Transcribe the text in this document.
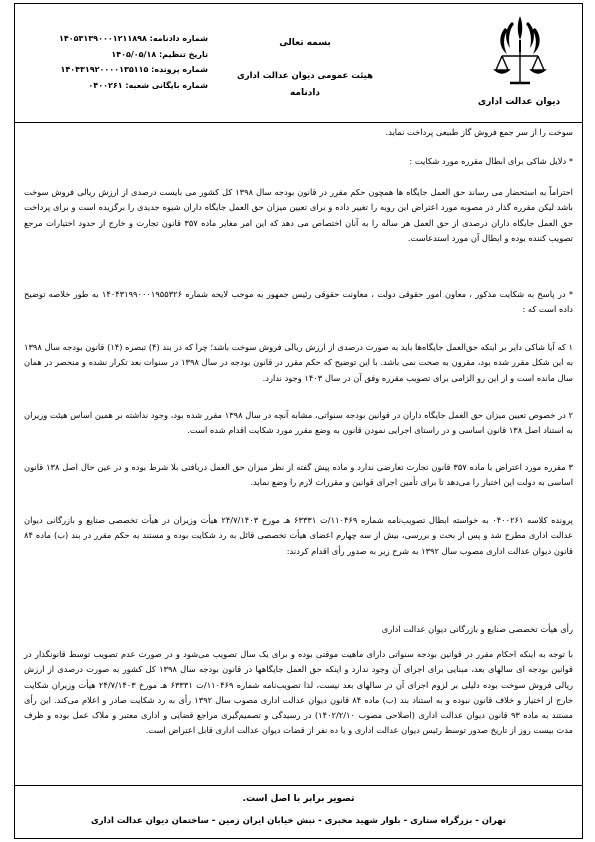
دیوان عدالت اداری
بسمه تعالی
هیئت عمومی دیوان عدالت اداری
دادنامه
شماره دادنامه: ۱۴۰۵۳۱۳۹۰۰۰۱۲۱۱۸۹۸
تاریخ تنظیم: ۱۴۰۵/۰۵/۱۸
شماره پرونده: ۱۴۰۴۳۱۹۲۰۰۰۰۱۳۵۱۱۵
شماره بایگانی شعبه: ۰۴۰۰۲۶۱

سوخت را از سر جمع فروش گاز طبیعی پرداخت نماید.

* دلایل شاکی برای ابطال مقرره مورد شکایت :

احتراماً به استحضار می رساند حق العمل جایگاه ها همچون حکم مقرر در قانون بودجه سال ۱۳۹۸ کل کشور می بایست درصدی از ارزش ریالی فروش سوخت باشد لیکن مقرره گذار در مصوبه مورد اعتراض این رویه را تغییر داده و برای تعیین میزان حق العمل جایگاه داران شیوه جدیدی را برگزیده است و برای پرداخت حق العمل جایگاه داران درصدی از حق العمل هر ساله را به آنان اختصاص می دهد که این امر مغایر ماده ۳۵۷ قانون تجارت و خارج از حدود اختیارات مرجع تصویب کننده بوده و ابطال آن مورد استدعاست.

* در پاسخ به شکایت مذکور ، معاون امور حقوقی دولت ، معاونت حقوقی رئیس جمهور به موجب لایحه شماره ۱۴۰۴۳۱۹۹۰۰۰۱۹۵۵۳۲۶ به طور خلاصه توضیح داده است که :

۱ که آیا شاکی دایر بر اینکه حق‌العمل جایگاه‌ها باید به صورت درصدی از ارزش ریالی فروش سوخت باشد؛ چرا که در بند (۴) تبصره (۱۴) قانون بودجه سال ۱۳۹۸ به این شکل مقرر شده بود، مقرون به صحت نمی باشد. با این توضیح که حکم مقرر در قانون بودجه در سال ۱۳۹۸ در سنوات بعد تکرار نشده و منحصر در همان سال مانده است و از این رو الزامی برای تصویب مقرره وفق آن در سال ۱۴۰۳ وجود ندارد.

۲ در خصوص تعیین میزان حق العمل جایگاه داران در قوانین بودجه سنواتی، مشابه آنچه در سال ۱۳۹۸ مقرر شده بود، وجود نداشته بر همین اساس هیئت وزیران به استناد اصل ۱۳۸ قانون اساسی و در راستای اجرایی نمودن قانون به وضع مقرر مورد شکایت اقدام شده است.

۳ مقرره مورد اعتراض با ماده ۳۵۷ قانون تجارت تعارضی ندارد و ماده پیش گفته از نظر میزان حق العمل دریافتی بلا شرط بوده و در عین حال اصل ۱۳۸ قانون اساسی به دولت این اختیار را می‌دهد تا برای تأمین اجرای قوانین و مقررات لازم را وضع نماید.

پرونده کلاسه ۰۴۰۰۲۶۱ به خواسته ابطال تصویب‌نامه شماره ۱۱۰۴۶۹/ت ۶۳۳۳۱ هـ مورخ ۲۴/۷/۱۴۰۳ هیأت وزیران در هیأت تخصصی صنایع و بازرگانی دیوان عدالت اداری مطرح شد و پس از بحث و بررسی، بیش از سه چهارم اعضای هیأت تخصصی قائل به رد شکایت بوده و مستند به حکم مقرر در بند (ب) ماده ۸۴ قانون دیوان عدالت اداری مصوب سال ۱۳۹۲ به شرح زیر به صدور رأی اقدام کردند:

رأی هیأت تخصصی صنایع و بازرگانی دیوان عدالت اداری

با توجه به اینکه احکام مقرر در قوانین بودجه سنواتی دارای ماهیت موقتی بوده و برای یک سال تصویب می‌شود و در صورت عدم تصویب توسط قانونگذار در قوانین بودجه ای سالهای بعد، مبنایی برای اجرای آن وجود ندارد و اینکه حق العمل جایگاهها در قانون بودجه سال ۱۳۹۸ کل کشور به صورت درصدی از ارزش ریالی فروش سوخت بوده دلیلی بر لزوم اجرای آن در سالهای بعد نیست، لذا تصویب‌نامه شماره ۱۱۰۴۶۹/ت ۶۳۳۳۱ هـ مورخ ۲۴/۷/۱۴۰۳ هیأت وزیران شکایت خارج از اختیار و خلاف قانون نبوده و به استناد بند (ب) ماده ۸۴ قانون دیوان عدالت اداری مصوب سال ۱۳۹۲ رأی به رد شکایت صادر و اعلام می‌کند. این رأی مستند به ماده ۹۳ قانون دیوان عدالت اداری (اصلاحی مصوب ۱۴۰۲/۲/۱۰) در رسیدگی و تصمیم‌گیری مراجع قضایی و اداری معتبر و ملاک عمل بوده و ظرف مدت بیست روز از تاریخ صدور توسط رئیس دیوان عدالت اداری و یا ده نفر از قضات دیوان عدالت اداری قابل اعتراض است.

تصویر برابر با اصل است.
تهران - بزرگراه ستاری - بلوار شهید مخبری - نبش خیابان ایران زمین - ساختمان دیوان عدالت اداری
